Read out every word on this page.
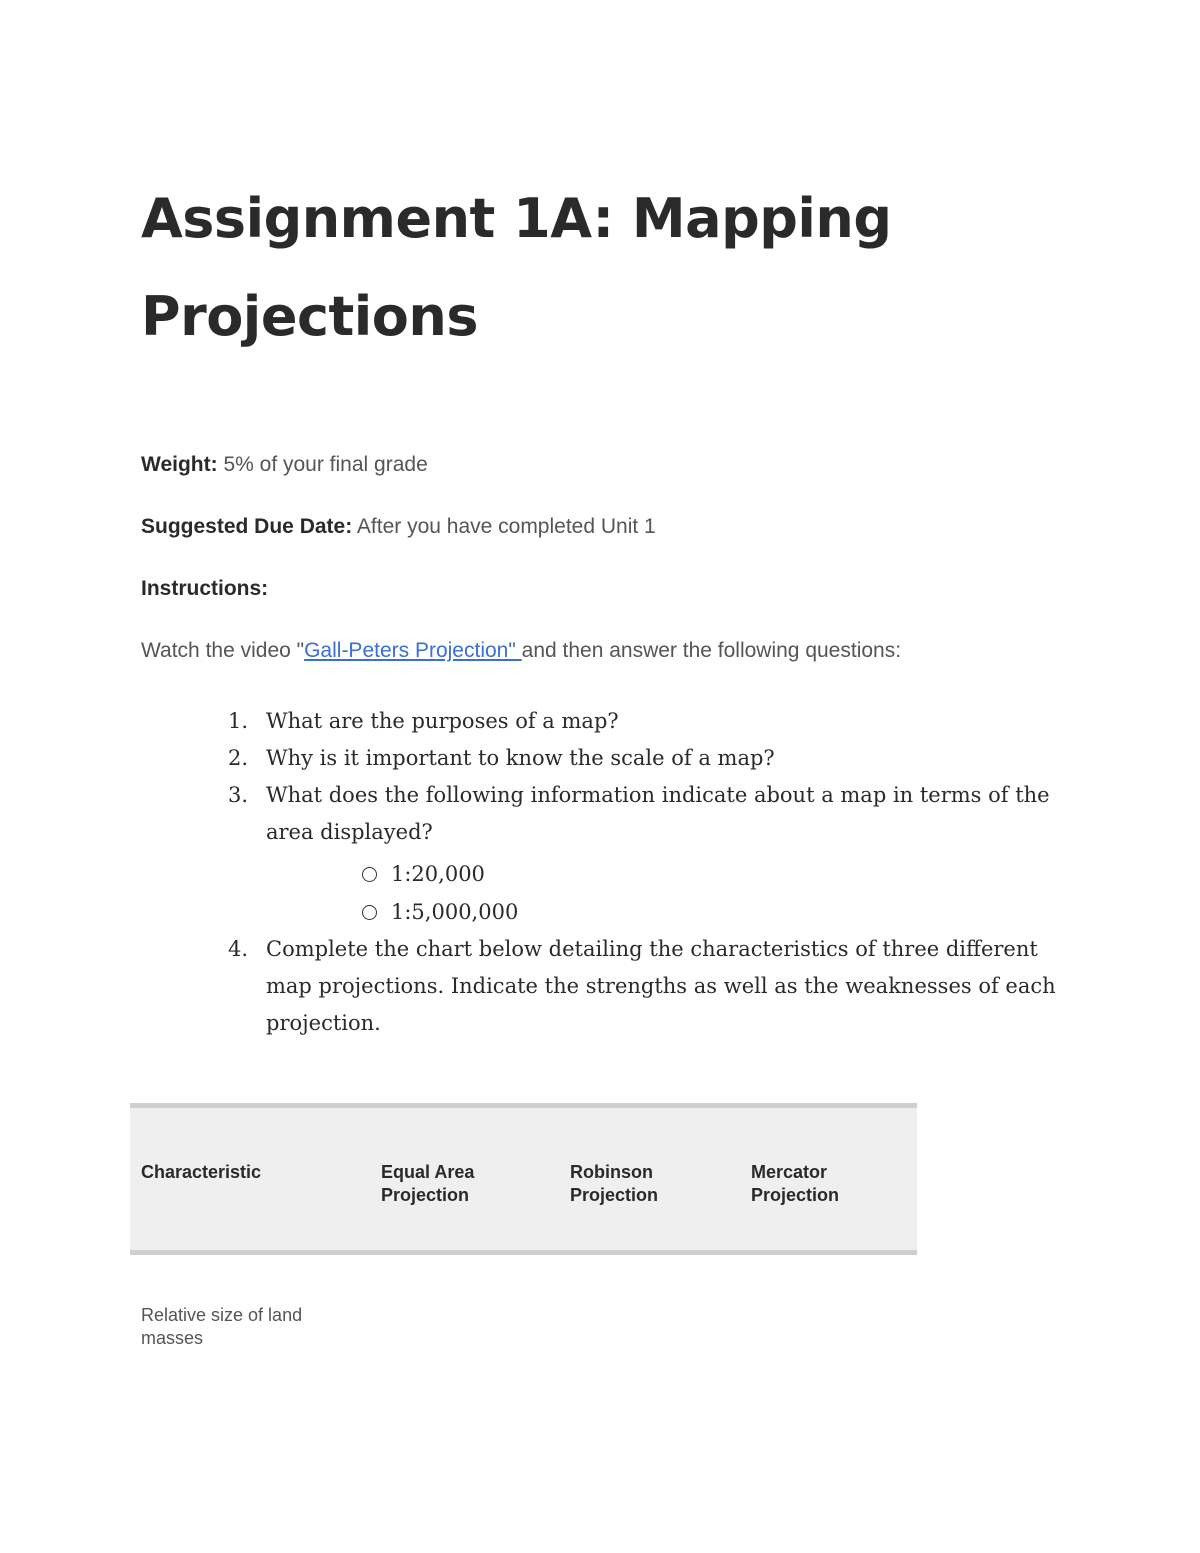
Assignment 1A: Mapping Projections
Weight: 5% of your final grade
Suggested Due Date: After you have completed Unit 1
Instructions:
Watch the video "Gall-Peters Projection" and then answer the following questions:
1. What are the purposes of a map?
2. Why is it important to know the scale of a map?
3. What does the following information indicate about a map in terms of the area displayed?
1:20,000
1:5,000,000
4. Complete the chart below detailing the characteristics of three different map projections. Indicate the strengths as well as the weaknesses of each projection.
Characteristic	Equal Area Projection
Robinson Projection
Mercator Projection
Relative size of land masses
